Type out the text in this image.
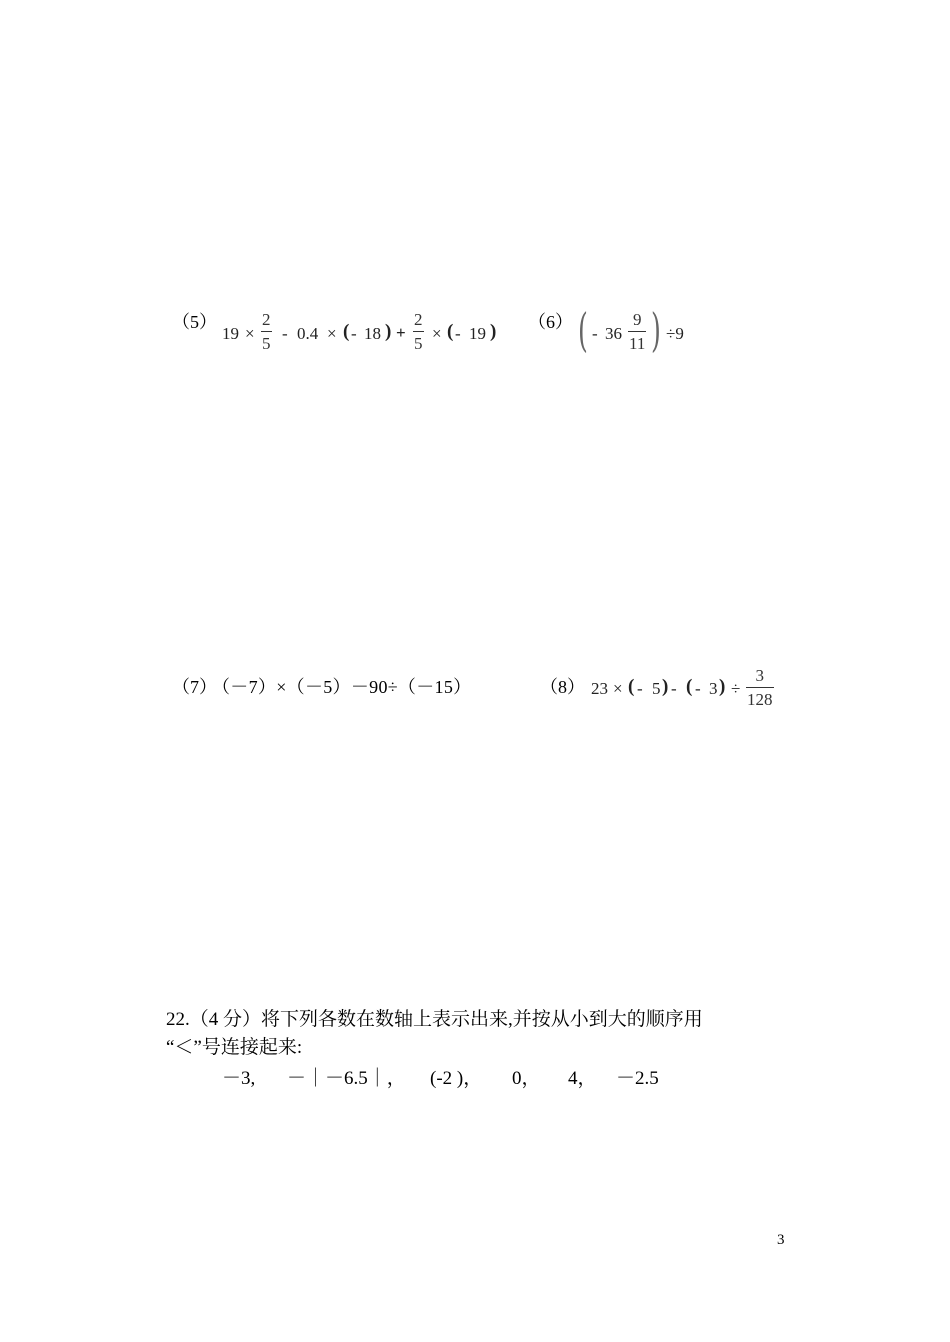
（5）
19 ×
2
5
- 0.4 × ( - 18 ) +
2
5
× ( - 19 ) （6） ( - 36
9
11 ) ÷9
（7）
（－7）×（－5）－90÷（－15）	（8） 23 × ( - 5 ) - ( - 3 ) ÷
3
128
22.（4 分）将下列各数在数轴上表示出来,并按从小到大的顺序用
“＜”号连接起来:
－3, －｜－6.5｜， (-2 )， 0， 4， －2.5
3
